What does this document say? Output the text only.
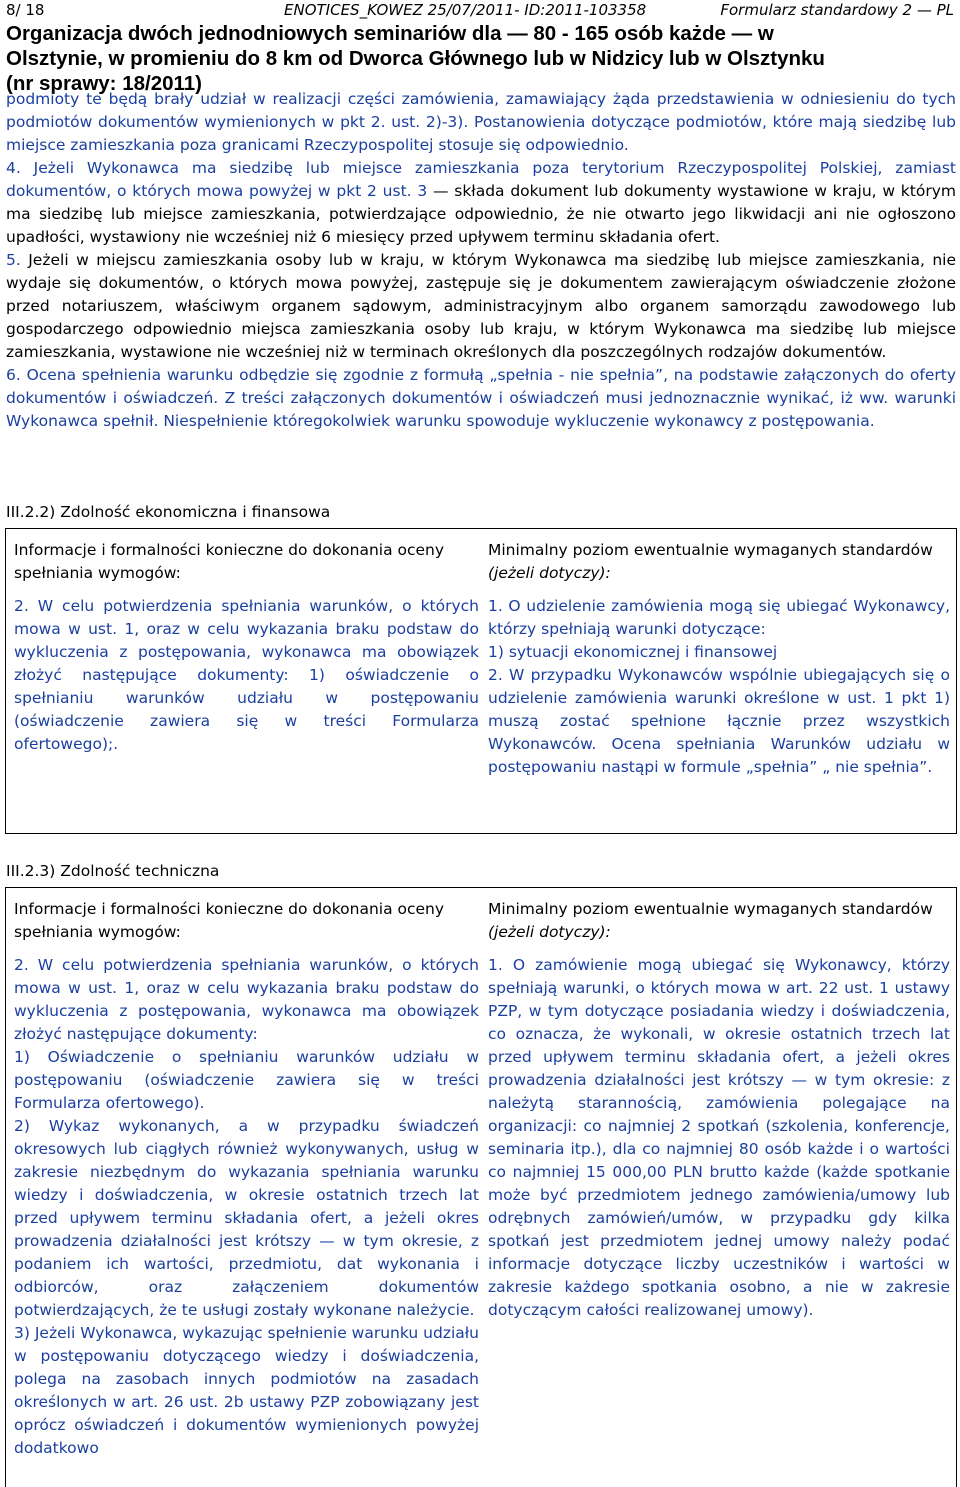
8/ 18	ENOTICES_KOWEZ 25/07/2011- ID:2011-103358	Formularz standardowy 2 — PL
Organizacja dwóch jednodniowych seminariów dla — 80 - 165 osób każde — w
Olsztynie, w promieniu do 8 km od Dworca Głównego lub w Nidzicy lub w Olsztynku
(nr sprawy: 18/2011)

podmioty te będą brały udział w realizacji części zamówienia, zamawiający żąda przedstawienia w odniesieniu do tych podmiotów dokumentów wymienionych w pkt 2. ust. 2)-3). Postanowienia dotyczące podmiotów, które mają siedzibę lub miejsce zamieszkania poza granicami Rzeczypospolitej stosuje się odpowiednio.

4. Jeżeli Wykonawca ma siedzibę lub miejsce zamieszkania poza terytorium Rzeczypospolitej Polskiej, zamiast dokumentów, o których mowa powyżej w pkt 2 ust. 3 — składa dokument lub dokumenty wystawione w kraju, w którym ma siedzibę lub miejsce zamieszkania, potwierdzające odpowiednio, że nie otwarto jego likwidacji ani nie ogłoszono upadłości, wystawiony nie wcześniej niż 6 miesięcy przed upływem terminu składania ofert.

5. Jeżeli w miejscu zamieszkania osoby lub w kraju, w którym Wykonawca ma siedzibę lub miejsce zamieszkania, nie wydaje się dokumentów, o których mowa powyżej, zastępuje się je dokumentem zawierającym oświadczenie złożone przed notariuszem, właściwym organem sądowym, administracyjnym albo organem samorządu zawodowego lub gospodarczego odpowiednio miejsca zamieszkania osoby lub kraju, w którym Wykonawca ma siedzibę lub miejsce zamieszkania, wystawione nie wcześniej niż w terminach określonych dla poszczególnych rodzajów dokumentów.

6. Ocena spełnienia warunku odbędzie się zgodnie z formułą „spełnia - nie spełnia”, na podstawie załączonych do oferty dokumentów i oświadczeń. Z treści załączonych dokumentów i oświadczeń musi jednoznacznie wynikać, iż ww. warunki Wykonawca spełnił. Niespełnienie któregokolwiek warunku spowoduje wykluczenie wykonawcy z postępowania.

III.2.2) Zdolność ekonomiczna i finansowa

Informacje i formalności konieczne do dokonania oceny spełniania wymogów:

2. W celu potwierdzenia spełniania warunków, o których mowa w ust. 1, oraz w celu wykazania braku podstaw do wykluczenia z postępowania, wykonawca ma obowiązek złożyć następujące dokumenty: 1) oświadczenie o spełnianiu warunków udziału w postępowaniu (oświadczenie zawiera się w treści Formularza ofertowego);.

Minimalny poziom ewentualnie wymaganych standardów

(jeżeli dotyczy):

1. O udzielenie zamówienia mogą się ubiegać Wykonawcy, którzy spełniają warunki dotyczące:

1) sytuacji ekonomicznej i finansowej

2. W przypadku Wykonawców wspólnie ubiegających się o udzielenie zamówienia warunki określone w ust. 1 pkt 1) muszą zostać spełnione łącznie przez wszystkich Wykonawców. Ocena spełniania Warunków udziału w postępowaniu nastąpi w formule „spełnia” „ nie spełnia”.

III.2.3) Zdolność techniczna

Informacje i formalności konieczne do dokonania oceny spełniania wymogów:

2. W celu potwierdzenia spełniania warunków, o których mowa w ust. 1, oraz w celu wykazania braku podstaw do wykluczenia z postępowania, wykonawca ma obowiązek złożyć następujące dokumenty:

1) Oświadczenie o spełnianiu warunków udziału w postępowaniu (oświadczenie zawiera się w treści Formularza ofertowego).

2) Wykaz wykonanych, a w przypadku świadczeń okresowych lub ciągłych również wykonywanych, usług w zakresie niezbędnym do wykazania spełniania warunku wiedzy i doświadczenia, w okresie ostatnich trzech lat przed upływem terminu składania ofert, a jeżeli okres prowadzenia działalności jest krótszy — w tym okresie, z podaniem ich wartości, przedmiotu, dat wykonania i odbiorców, oraz załączeniem dokumentów potwierdzających, że te usługi zostały wykonane należycie.

3) Jeżeli Wykonawca, wykazując spełnienie warunku udziału w postępowaniu dotyczącego wiedzy i doświadczenia, polega na zasobach innych podmiotów na zasadach określonych w art. 26 ust. 2b ustawy PZP zobowiązany jest oprócz oświadczeń i dokumentów wymienionych powyżej dodatkowo

Minimalny poziom ewentualnie wymaganych standardów

(jeżeli dotyczy):

1. O zamówienie mogą ubiegać się Wykonawcy, którzy spełniają warunki, o których mowa w art. 22 ust. 1 ustawy PZP, w tym dotyczące posiadania wiedzy i doświadczenia, co oznacza, że wykonali, w okresie ostatnich trzech lat przed upływem terminu składania ofert, a jeżeli okres prowadzenia działalności jest krótszy — w tym okresie: z należytą starannością, zamówienia polegające na organizacji: co najmniej 2 spotkań (szkolenia, konferencje, seminaria itp.), dla co najmniej 80 osób każde i o wartości co najmniej 15 000,00 PLN brutto każde (każde spotkanie może być przedmiotem jednego zamówienia/umowy lub odrębnych zamówień/umów, w przypadku gdy kilka spotkań jest przedmiotem jednej umowy należy podać informacje dotyczące liczby uczestników i wartości w zakresie każdego spotkania osobno, a nie w zakresie dotyczącym całości realizowanej umowy).
